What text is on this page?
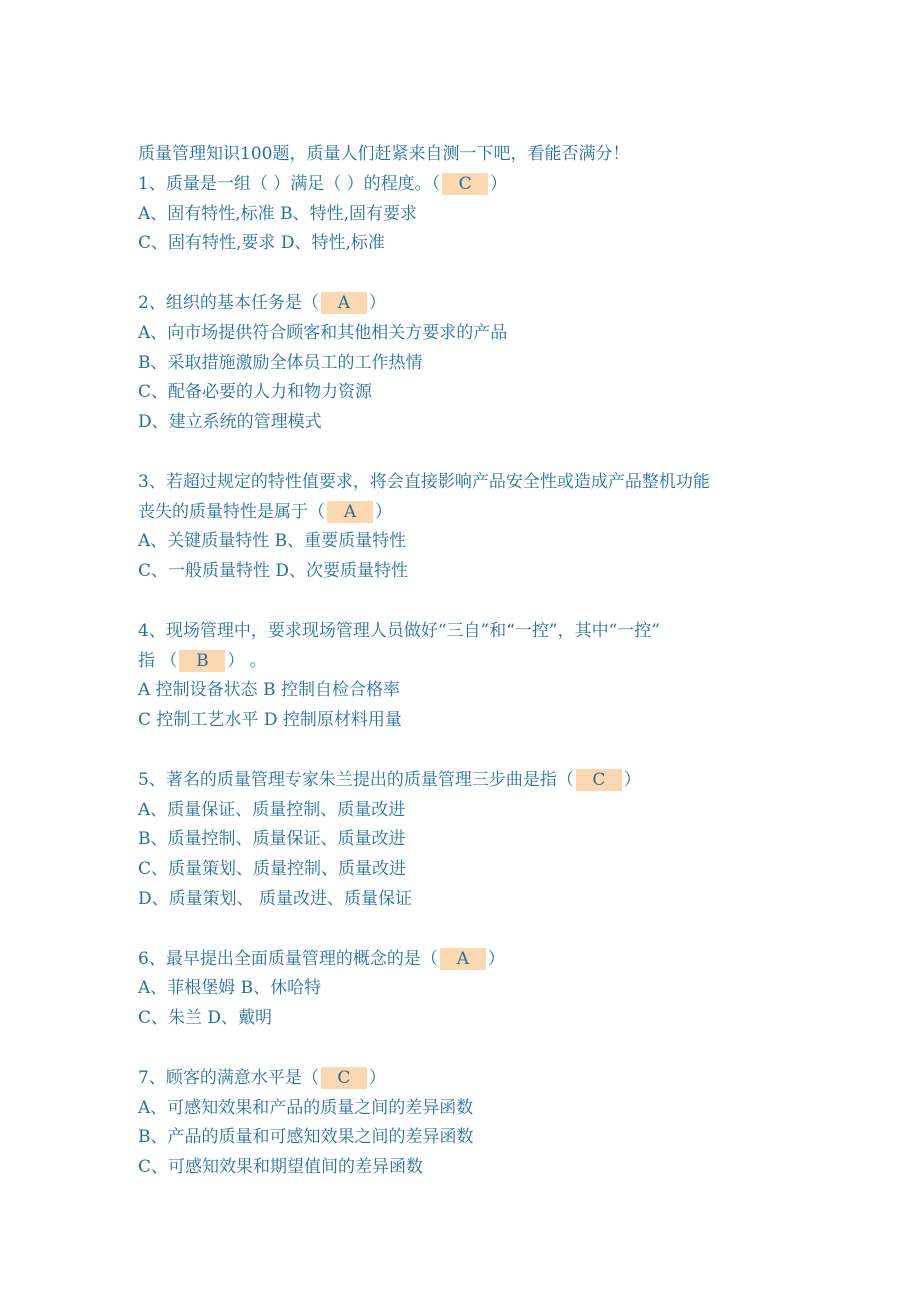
质量管理知识100题，质量人们赶紧来自测一下吧，看能否满分！
1、质量是一组（ ）满足（ ）的程度。（ C ）
A、固有特性,标准 B、特性,固有要求
C、固有特性,要求 D、特性,标准
2、组织的基本任务是（ A ）
A、向市场提供符合顾客和其他相关方要求的产品
B、采取措施激励全体员工的工作热情
C、配备必要的人力和物力资源
D、建立系统的管理模式
3、若超过规定的特性值要求，将会直接影响产品安全性或造成产品整机功能
丧失的质量特性是属于（ A ）
A、关键质量特性 B、重要质量特性
C、一般质量特性 D、次要质量特性
4、现场管理中，要求现场管理人员做好“三自”和“一控”，其中“一控”
指 （ B ） 。
A 控制设备状态 B 控制自检合格率
C 控制工艺水平 D 控制原材料用量
5、著名的质量管理专家朱兰提出的质量管理三步曲是指（ C ）
A、质量保证、质量控制、质量改进
B、质量控制、质量保证、质量改进
C、质量策划、质量控制、质量改进
D、质量策划、 质量改进、质量保证
6、最早提出全面质量管理的概念的是（ A ）
A、菲根堡姆 B、休哈特
C、朱兰 D、戴明
7、顾客的满意水平是（ C ）
A、可感知效果和产品的质量之间的差异函数
B、产品的质量和可感知效果之间的差异函数
C、可感知效果和期望值间的差异函数
